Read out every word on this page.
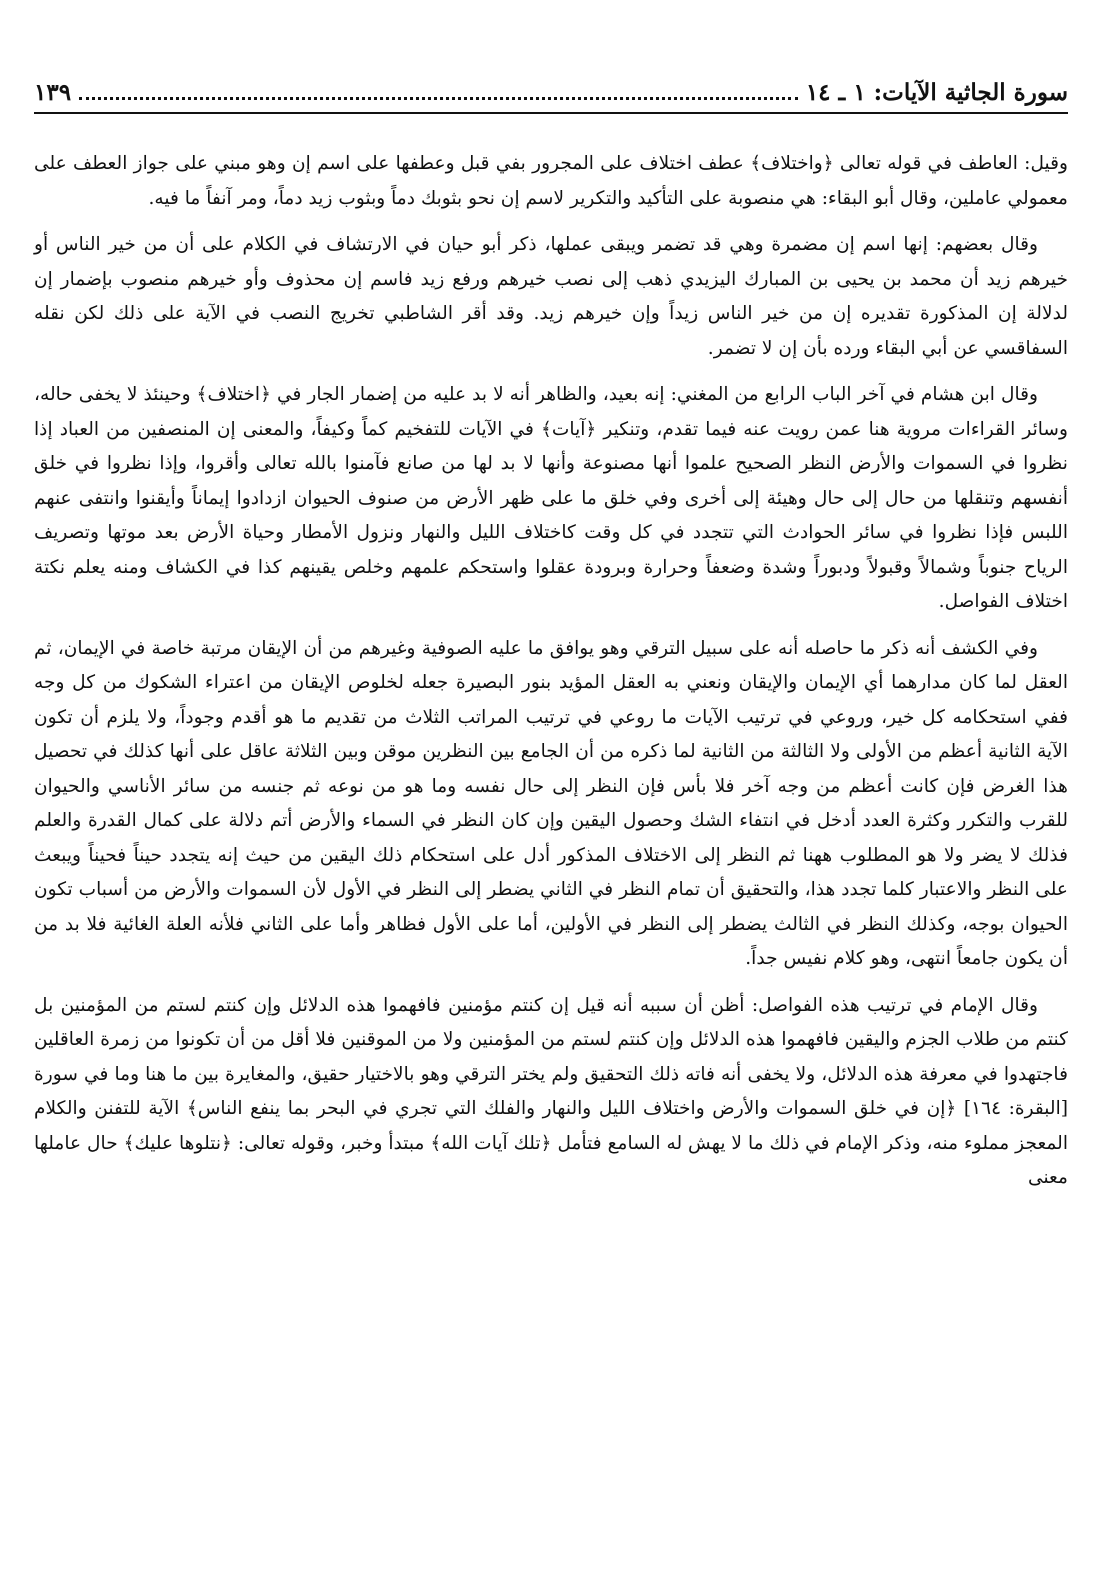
سورة الجاثية الآيات: ١ ـ ١٤
١٣٩

وقيل: العاطف في قوله تعالى ﴿واختلاف﴾ عطف اختلاف على المجرور بفي قبل وعطفها على اسم إن وهو مبني على جواز العطف على معمولي عاملين، وقال أبو البقاء: هي منصوبة على التأكيد والتكرير لاسم إن نحو بثوبك دماً وبثوب زيد دماً، ومر آنفاً ما فيه.

وقال بعضهم: إنها اسم إن مضمرة وهي قد تضمر ويبقى عملها، ذكر أبو حيان في الارتشاف في الكلام على أن من خير الناس أو خيرهم زيد أن محمد بن يحيى بن المبارك اليزيدي ذهب إلى نصب خيرهم ورفع زيد فاسم إن محذوف وأو خيرهم منصوب بإضمار إن لدلالة إن المذكورة تقديره إن من خير الناس زيداً وإن خيرهم زيد. وقد أقر الشاطبي تخريج النصب في الآية على ذلك لكن نقله السفاقسي عن أبي البقاء ورده بأن إن لا تضمر.

وقال ابن هشام في آخر الباب الرابع من المغني: إنه بعيد، والظاهر أنه لا بد عليه من إضمار الجار في ﴿اختلاف﴾ وحينئذ لا يخفى حاله، وسائر القراءات مروية هنا عمن رويت عنه فيما تقدم، وتنكير ﴿آيات﴾ في الآيات للتفخيم كماً وكيفاً، والمعنى إن المنصفين من العباد إذا نظروا في السموات والأرض النظر الصحيح علموا أنها مصنوعة وأنها لا بد لها من صانع فآمنوا بالله تعالى وأقروا، وإذا نظروا في خلق أنفسهم وتنقلها من حال إلى حال وهيئة إلى أخرى وفي خلق ما على ظهر الأرض من صنوف الحيوان ازدادوا إيماناً وأيقنوا وانتفى عنهم اللبس فإذا نظروا في سائر الحوادث التي تتجدد في كل وقت كاختلاف الليل والنهار ونزول الأمطار وحياة الأرض بعد موتها وتصريف الرياح جنوباً وشمالاً وقبولاً ودبوراً وشدة وضعفاً وحرارة وبرودة عقلوا واستحكم علمهم وخلص يقينهم كذا في الكشاف ومنه يعلم نكتة اختلاف الفواصل.

وفي الكشف أنه ذكر ما حاصله أنه على سبيل الترقي وهو يوافق ما عليه الصوفية وغيرهم من أن الإيقان مرتبة خاصة في الإيمان، ثم العقل لما كان مدارهما أي الإيمان والإيقان ونعني به العقل المؤيد بنور البصيرة جعله لخلوص الإيقان من اعتراء الشكوك من كل وجه ففي استحكامه كل خير، وروعي في ترتيب الآيات ما روعي في ترتيب المراتب الثلاث من تقديم ما هو أقدم وجوداً، ولا يلزم أن تكون الآية الثانية أعظم من الأولى ولا الثالثة من الثانية لما ذكره من أن الجامع بين النظرين موقن وبين الثلاثة عاقل على أنها كذلك في تحصيل هذا الغرض فإن كانت أعظم من وجه آخر فلا بأس فإن النظر إلى حال نفسه وما هو من نوعه ثم جنسه من سائر الأناسي والحيوان للقرب والتكرر وكثرة العدد أدخل في انتفاء الشك وحصول اليقين وإن كان النظر في السماء والأرض أتم دلالة على كمال القدرة والعلم فذلك لا يضر ولا هو المطلوب ههنا ثم النظر إلى الاختلاف المذكور أدل على استحكام ذلك اليقين من حيث إنه يتجدد حيناً فحيناً ويبعث على النظر والاعتبار كلما تجدد هذا، والتحقيق أن تمام النظر في الثاني يضطر إلى النظر في الأول لأن السموات والأرض من أسباب تكون الحيوان بوجه، وكذلك النظر في الثالث يضطر إلى النظر في الأولين، أما على الأول فظاهر وأما على الثاني فلأنه العلة الغائية فلا بد من أن يكون جامعاً انتهى، وهو كلام نفيس جداً.

وقال الإمام في ترتيب هذه الفواصل: أظن أن سببه أنه قيل إن كنتم مؤمنين فافهموا هذه الدلائل وإن كنتم لستم من المؤمنين بل كنتم من طلاب الجزم واليقين فافهموا هذه الدلائل وإن كنتم لستم من المؤمنين ولا من الموقنين فلا أقل من أن تكونوا من زمرة العاقلين فاجتهدوا في معرفة هذه الدلائل، ولا يخفى أنه فاته ذلك التحقيق ولم يختر الترقي وهو بالاختيار حقيق، والمغايرة بين ما هنا وما في سورة [البقرة: ١٦٤] ﴿إن في خلق السموات والأرض واختلاف الليل والنهار والفلك التي تجري في البحر بما ينفع الناس﴾ الآية للتفنن والكلام المعجز مملوء منه، وذكر الإمام في ذلك ما لا يهش له السامع فتأمل ﴿تلك آيات الله﴾ مبتدأ وخبر، وقوله تعالى: ﴿نتلوها عليك﴾ حال عاملها معنى
